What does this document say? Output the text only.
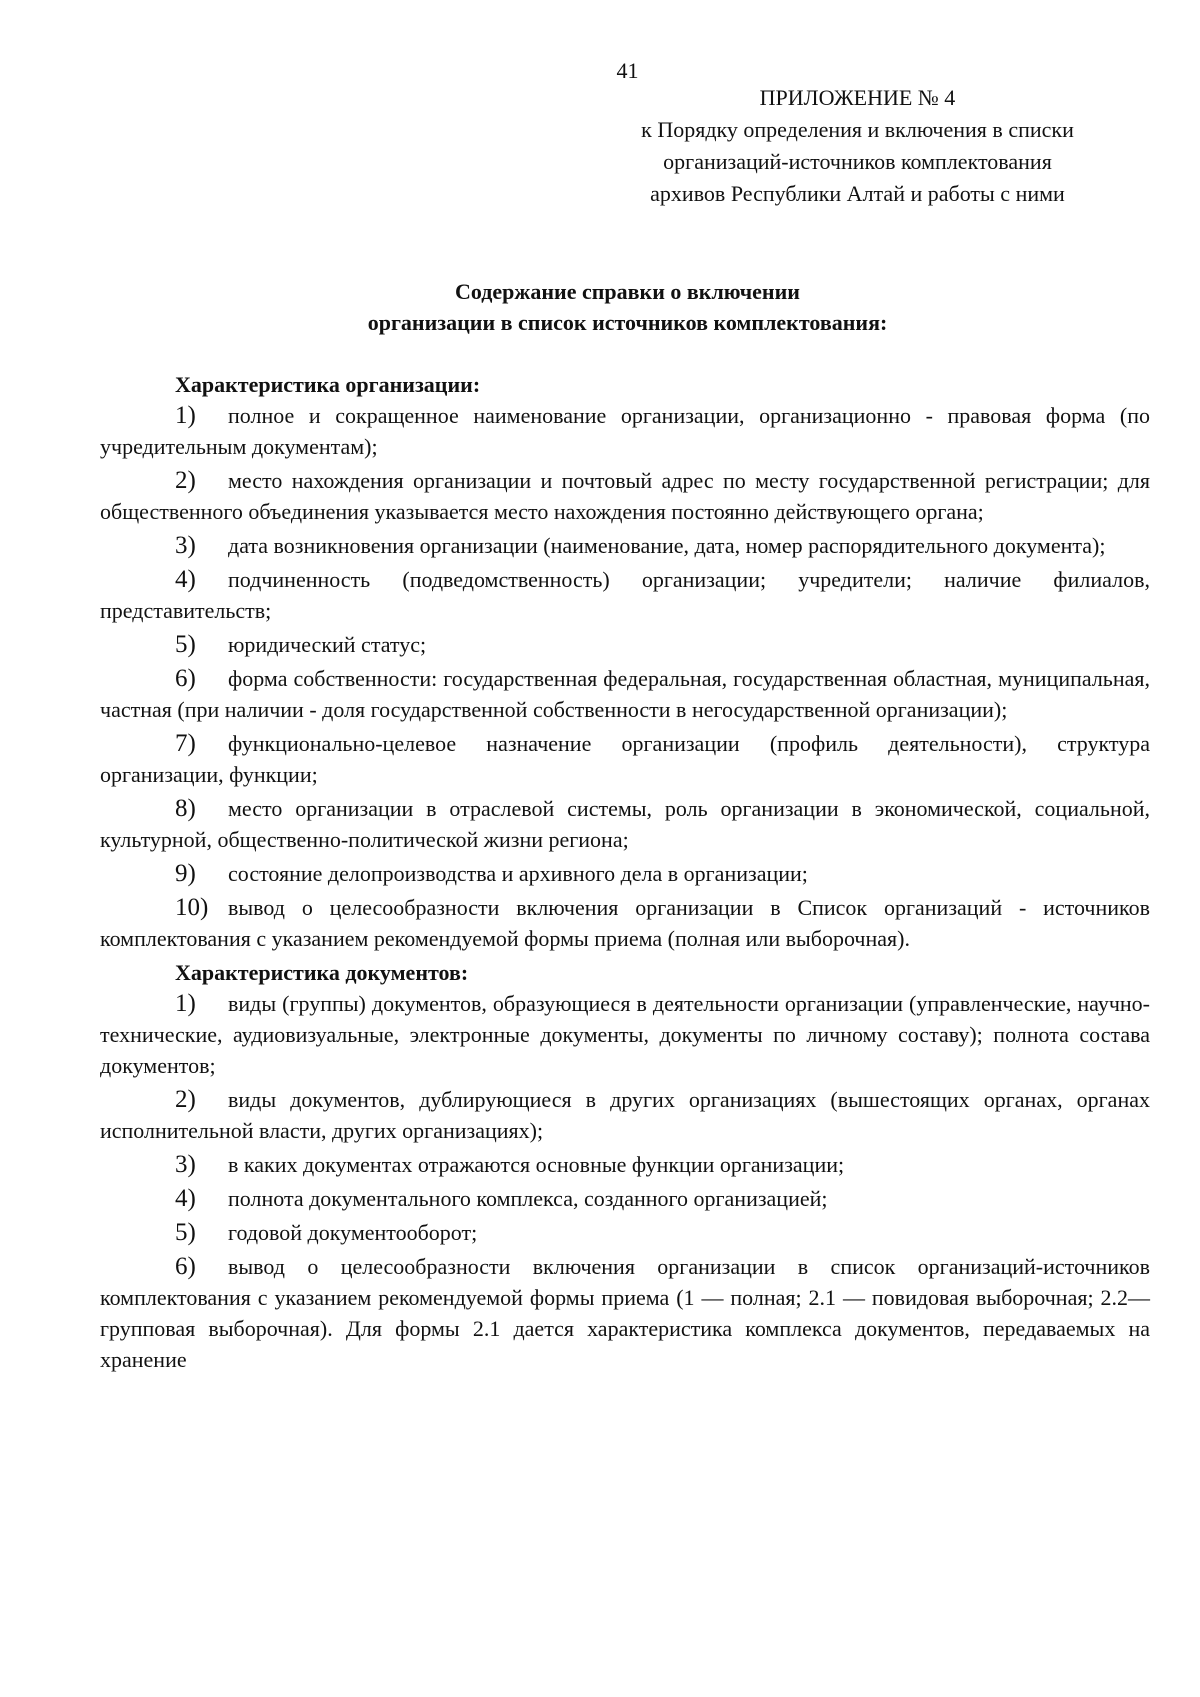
41
ПРИЛОЖЕНИЕ № 4
к Порядку определения и включения в списки
организаций-источников комплектования
архивов Республики Алтай и работы с ними
Содержание справки о включении
организации в список источников комплектования:

Характеристика организации:

1) полное и сокращенное наименование организации, организационно - правовая форма (по учредительным документам);

2) место нахождения организации и почтовый адрес по месту государственной регистрации; для общественного объединения указывается место нахождения постоянно действующего органа;

3) дата возникновения организации (наименование, дата, номер распорядительного документа);

4) подчиненность (подведомственность) организации; учредители; наличие филиалов, представительств;

5) юридический статус;

6) форма собственности: государственная федеральная, государственная областная, муниципальная, частная (при наличии - доля государственной собственности в негосударственной организации);

7) функционально-целевое назначение организации (профиль деятельности), структура организации, функции;

8) место организации в отраслевой системы, роль организации в экономической, социальной, культурной, общественно-политической жизни региона;

9) состояние делопроизводства и архивного дела в организации;

10) вывод о целесообразности включения организации в Список организаций - источников комплектования с указанием рекомендуемой формы приема (полная или выборочная).

Характеристика документов:

1) виды (группы) документов, образующиеся в деятельности организации (управленческие, научно-технические, аудиовизуальные, электронные документы, документы по личному составу); полнота состава документов;

2) виды документов, дублирующиеся в других организациях (вышестоящих органах, органах исполнительной власти, других организациях);

3) в каких документах отражаются основные функции организации;

4) полнота документального комплекса, созданного организацией;

5) годовой документооборот;

6) вывод о целесообразности включения организации в список организаций-источников комплектования с указанием рекомендуемой формы приема (1 — полная; 2.1 — повидовая выборочная; 2.2— групповая выборочная). Для формы 2.1 дается характеристика комплекса документов, передаваемых на хранение
